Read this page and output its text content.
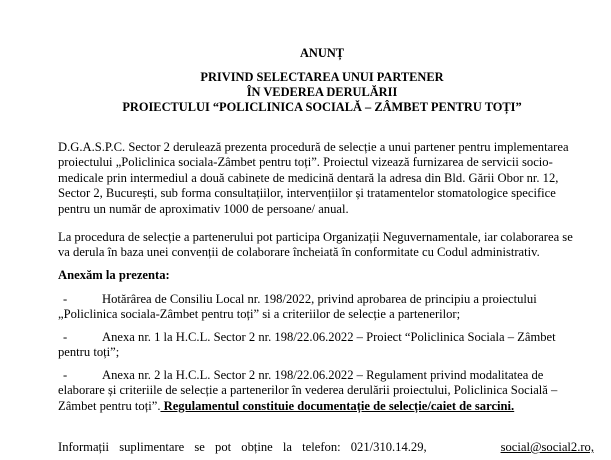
ANUNȚ
PRIVIND SELECTAREA UNUI PARTENER
ÎN VEDEREA DERULĂRII
PROIECTULUI “POLICLINICA SOCIALĂ – ZÂMBET PENTRU TOȚI”
D.G.A.S.P.C. Sector 2 derulează prezenta procedură de selecție a unui partener pentru implementarea
proiectului „Policlinica sociala-Zâmbet pentru toți”. Proiectul vizează furnizarea de servicii socio-
medicale prin intermediul a două cabinete de medicină dentară la adresa din Bld. Gării Obor nr. 12,
Sector 2, București, sub forma consultațiilor, intervențiilor și tratamentelor stomatologice specifice
pentru un număr de aproximativ 1000 de persoane/ anual.
La procedura de selecție a partenerului pot participa Organizații Neguvernamentale, iar colaborarea se
va derula în baza unei convenții de colaborare încheiată în conformitate cu Codul administrativ.
Anexăm la prezenta:
-	Hotărârea de Consiliu Local nr. 198/2022, privind aprobarea de principiu a proiectului
„Policlinica sociala-Zâmbet pentru toți” si a criteriilor de selecție a partenerilor;
-	Anexa nr. 1 la H.C.L. Sector 2 nr. 198/22.06.2022 – Proiect “Policlinica Sociala – Zâmbet
pentru toți”;
-	Anexa nr. 2 la H.C.L. Sector 2 nr. 198/22.06.2022 – Regulament privind modalitatea de
elaborare și criteriile de selecție a partenerilor în vederea derulării proiectului, Policlinica Socială –
Zâmbet pentru toți”. Regulamentul constituie documentație de selecție/caiet de sarcini.
Informații suplimentare se pot obține la telefon: 021/310.14.29,	social@social2.ro,
